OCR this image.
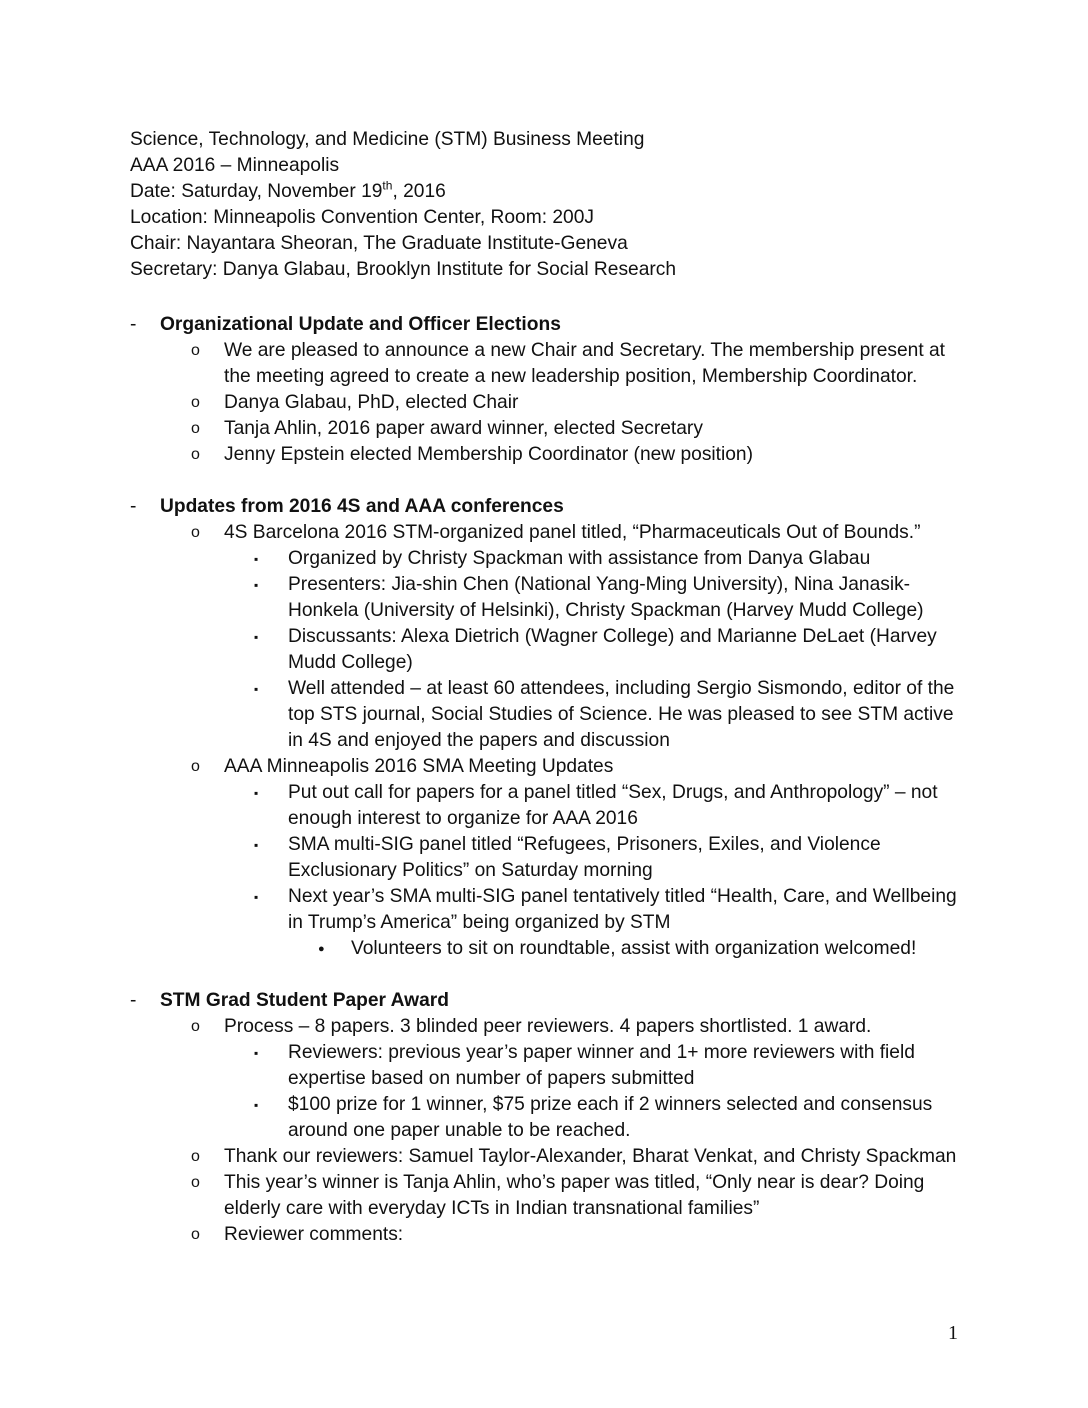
Science, Technology, and Medicine (STM) Business Meeting
AAA 2016 – Minneapolis
Date: Saturday, November 19th, 2016
Location: Minneapolis Convention Center, Room: 200J
Chair: Nayantara Sheoran, The Graduate Institute-Geneva
Secretary: Danya Glabau, Brooklyn Institute for Social Research
-	Organizational Update and Officer Elections
o	We are pleased to announce a new Chair and Secretary. The membership present at the meeting agreed to create a new leadership position, Membership Coordinator.
o	Danya Glabau, PhD, elected Chair
o	Tanja Ahlin, 2016 paper award winner, elected Secretary
o	Jenny Epstein elected Membership Coordinator (new position)
-	Updates from 2016 4S and AAA conferences
o	4S Barcelona 2016 STM-organized panel titled, “Pharmaceuticals Out of Bounds.”
▪	Organized by Christy Spackman with assistance from Danya Glabau
▪	Presenters: Jia-shin Chen (National Yang-Ming University), Nina Janasik-Honkela (University of Helsinki), Christy Spackman (Harvey Mudd College)
▪	Discussants: Alexa Dietrich (Wagner College) and Marianne DeLaet (Harvey Mudd College)
▪	Well attended – at least 60 attendees, including Sergio Sismondo, editor of the top STS journal, Social Studies of Science. He was pleased to see STM active in 4S and enjoyed the papers and discussion
o	AAA Minneapolis 2016 SMA Meeting Updates
▪	Put out call for papers for a panel titled “Sex, Drugs, and Anthropology” – not enough interest to organize for AAA 2016
▪	SMA multi-SIG panel titled “Refugees, Prisoners, Exiles, and Violence Exclusionary Politics” on Saturday morning
▪	Next year’s SMA multi-SIG panel tentatively titled “Health, Care, and Wellbeing in Trump’s America” being organized by STM
●	Volunteers to sit on roundtable, assist with organization welcomed!
-	STM Grad Student Paper Award
o	Process – 8 papers. 3 blinded peer reviewers. 4 papers shortlisted. 1 award.
▪	Reviewers: previous year’s paper winner and 1+ more reviewers with field expertise based on number of papers submitted
▪	$100 prize for 1 winner, $75 prize each if 2 winners selected and consensus around one paper unable to be reached.
o	Thank our reviewers: Samuel Taylor-Alexander, Bharat Venkat, and Christy Spackman
o	This year’s winner is Tanja Ahlin, who’s paper was titled, “Only near is dear? Doing elderly care with everyday ICTs in Indian transnational families”
o	Reviewer comments:
1
